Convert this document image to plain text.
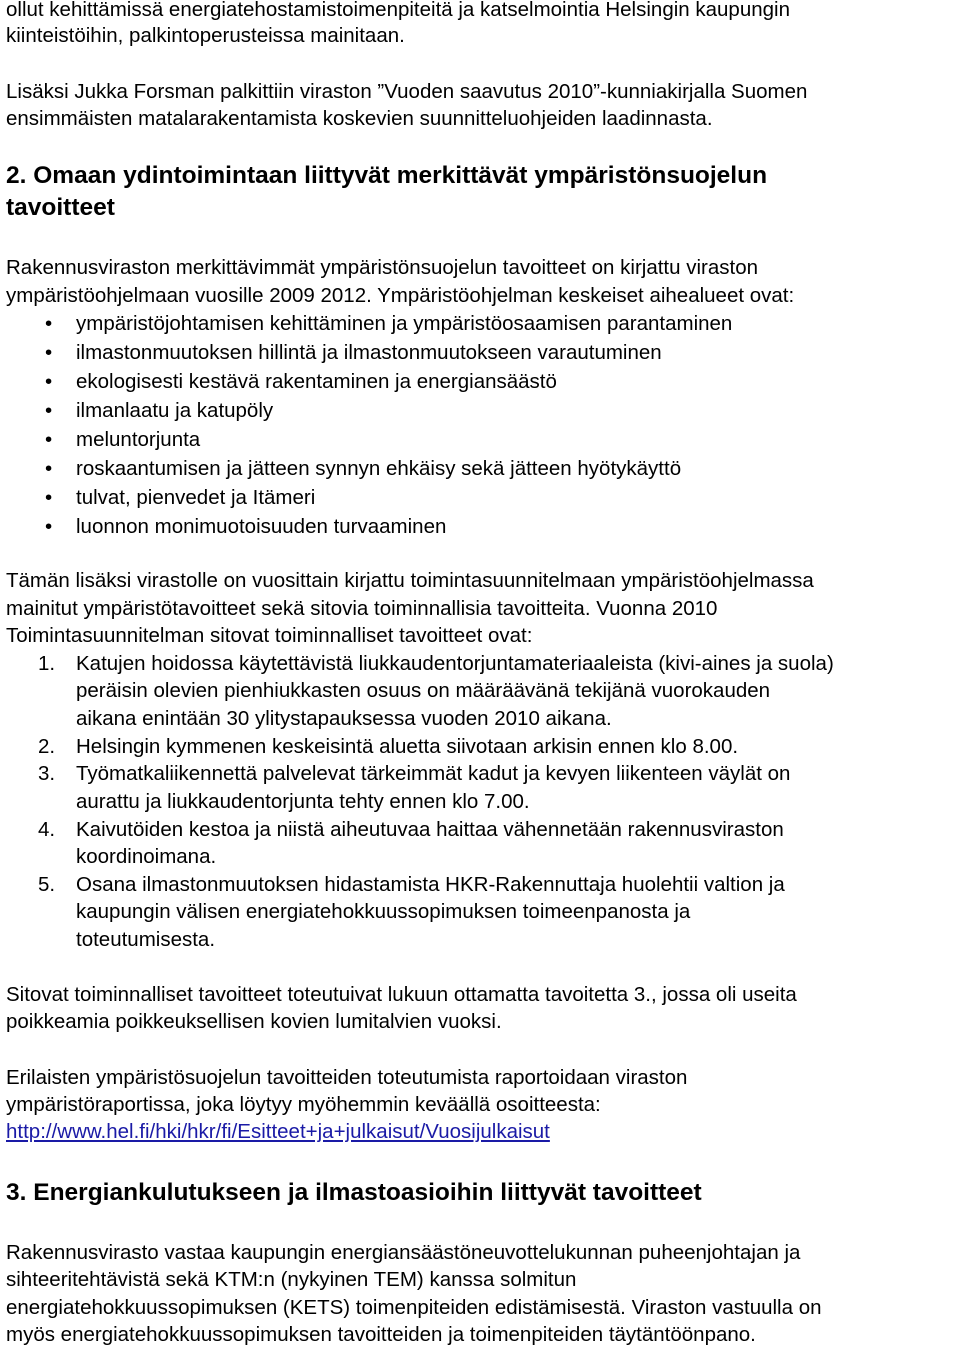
ollut kehittämissä energiatehostamistoimenpiteitä ja katselmointia Helsingin kaupungin
kiinteistöihin, palkintoperusteissa mainitaan.
Lisäksi Jukka Forsman palkittiin viraston ”Vuoden saavutus 2010”-kunniakirjalla Suomen
ensimmäisten matalarakentamista koskevien suunnitteluohjeiden laadinnasta.
2. Omaan ydintoimintaan liittyvät merkittävät ympäristönsuojelun
tavoitteet
Rakennusviraston merkittävimmät ympäristönsuojelun tavoitteet on kirjattu viraston
ympäristöohjelmaan vuosille 2009 2012. Ympäristöohjelman keskeiset aihealueet ovat:
• ympäristöjohtamisen kehittäminen ja ympäristöosaamisen parantaminen
• ilmastonmuutoksen hillintä ja ilmastonmuutokseen varautuminen
• ekologisesti kestävä rakentaminen ja energiansäästö
• ilmanlaatu ja katupöly
• meluntorjunta
• roskaantumisen ja jätteen synnyn ehkäisy sekä jätteen hyötykäyttö
• tulvat, pienvedet ja Itämeri
• luonnon monimuotoisuuden turvaaminen
Tämän lisäksi virastolle on vuosittain kirjattu toimintasuunnitelmaan ympäristöohjelmassa
mainitut ympäristötavoitteet sekä sitovia toiminnallisia tavoitteita. Vuonna 2010
Toimintasuunnitelman sitovat toiminnalliset tavoitteet ovat:
1. Katujen hoidossa käytettävistä liukkaudentorjuntamateriaaleista (kivi-aines ja suola)
peräisin olevien pienhiukkasten osuus on määräävänä tekijänä vuorokauden
aikana enintään 30 ylitystapauksessa vuoden 2010 aikana.
2. Helsingin kymmenen keskeisintä aluetta siivotaan arkisin ennen klo 8.00.
3. Työmatkaliikennettä palvelevat tärkeimmät kadut ja kevyen liikenteen väylät on
aurattu ja liukkaudentorjunta tehty ennen klo 7.00.
4. Kaivutöiden kestoa ja niistä aiheutuvaa haittaa vähennetään rakennusviraston
koordinoimana.
5. Osana ilmastonmuutoksen hidastamista HKR-Rakennuttaja huolehtii valtion ja
kaupungin välisen energiatehokkuussopimuksen toimeenpanosta ja
toteutumisesta.
Sitovat toiminnalliset tavoitteet toteutuivat lukuun ottamatta tavoitetta 3., jossa oli useita
poikkeamia poikkeuksellisen kovien lumitalvien vuoksi.
Erilaisten ympäristösuojelun tavoitteiden toteutumista raportoidaan viraston
ympäristöraportissa, joka löytyy myöhemmin keväällä osoitteesta:
http://www.hel.fi/hki/hkr/fi/Esitteet+ja+julkaisut/Vuosijulkaisut
3. Energiankulutukseen ja ilmastoasioihin liittyvät tavoitteet
Rakennusvirasto vastaa kaupungin energiansäästöneuvottelukunnan puheenjohtajan ja
sihteeritehtävistä sekä KTM:n (nykyinen TEM) kanssa solmitun
energiatehokkuussopimuksen (KETS) toimenpiteiden edistämisestä. Viraston vastuulla on
myös energiatehokkuussopimuksen tavoitteiden ja toimenpiteiden täytäntöönpano.
